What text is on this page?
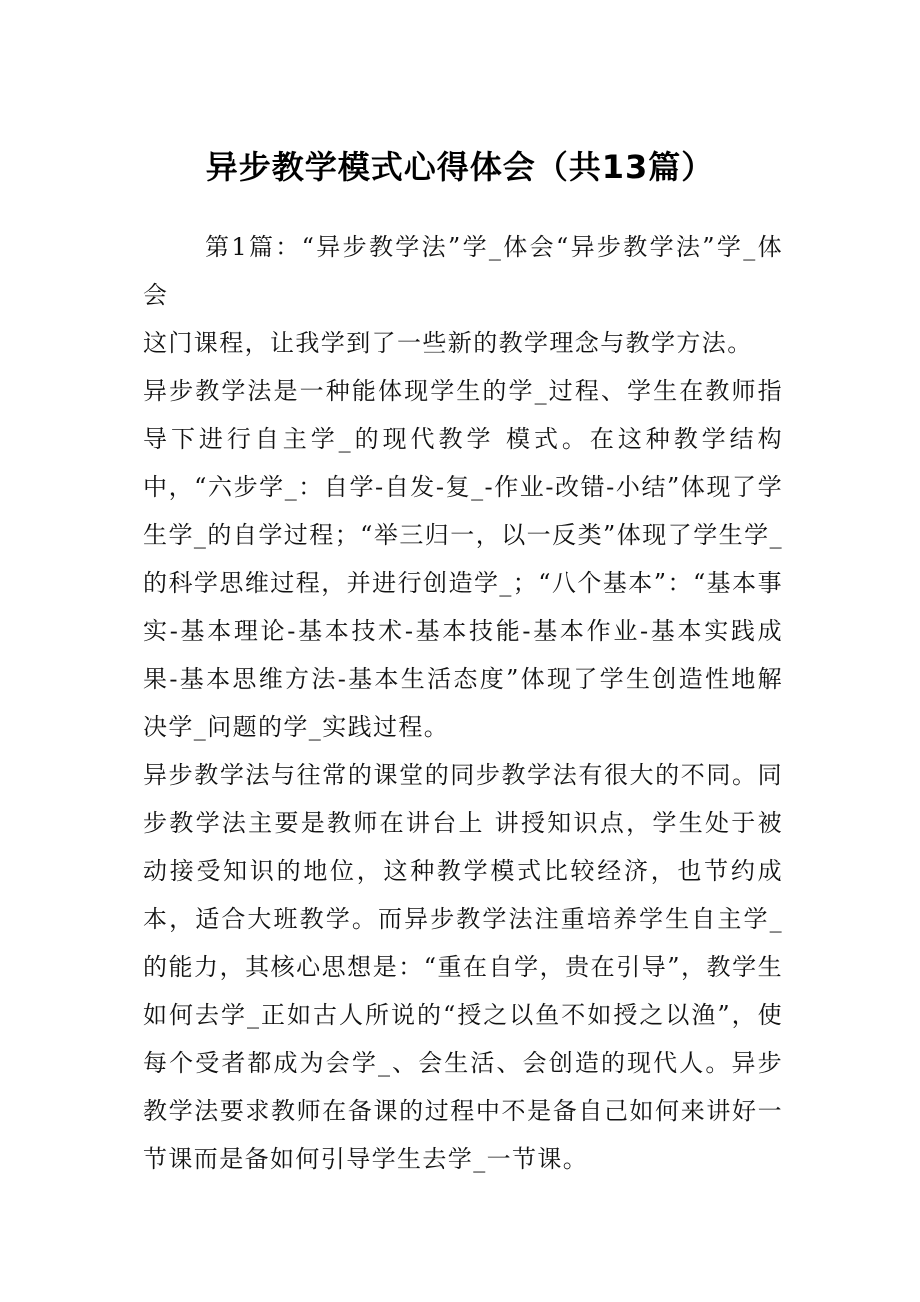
异步教学模式心得体会（共13篇）

第1篇：“异步教学法”学_体会“异步教学法”学_体会

这门课程，让我学到了一些新的教学理念与教学方法。

异步教学法是一种能体现学生的学_过程、学生在教师指导下进行自主学_的现代教学 模式。在这种教学结构中，“六步学_：自学-自发-复_-作业-改错-小结”体现了学生学_的自学过程；“举三归一，以一反类”体现了学生学_的科学思维过程，并进行创造学_；“八个基本”：“基本事实-基本理论-基本技术-基本技能-基本作业-基本实践成果-基本思维方法-基本生活态度”体现了学生创造性地解决学_问题的学_实践过程。

异步教学法与往常的课堂的同步教学法有很大的不同。同步教学法主要是教师在讲台上 讲授知识点，学生处于被动接受知识的地位，这种教学模式比较经济，也节约成本，适合大班教学。而异步教学法注重培养学生自主学_的能力，其核心思想是：“重在自学，贵在引导”，教学生如何去学_正如古人所说的“授之以鱼不如授之以渔”，使每个受者都成为会学_、会生活、会创造的现代人。异步教学法要求教师在备课的过程中不是备自己如何来讲好一节课而是备如何引导学生去学_一节课。
